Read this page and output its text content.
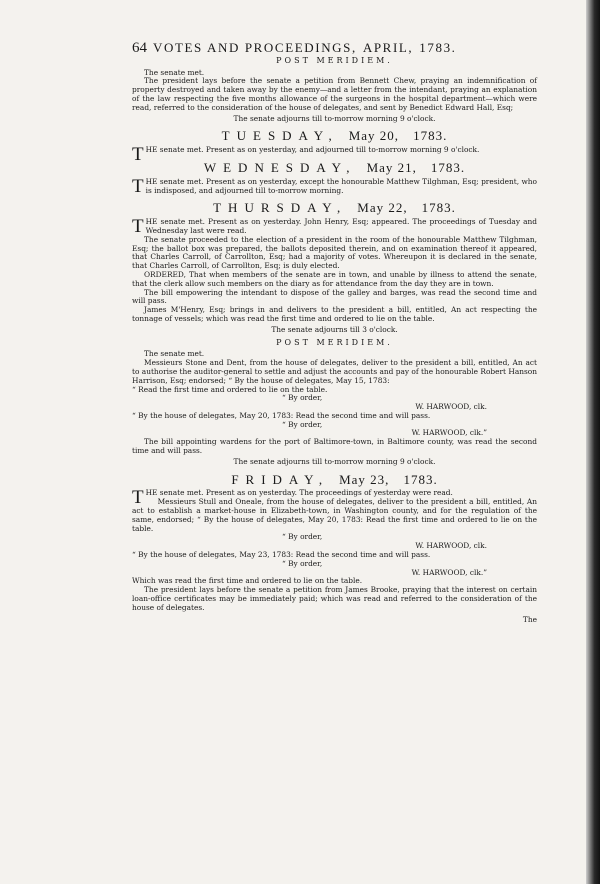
64 VOTES AND PROCEEDINGS, APRIL, 1783.
POST MERIDIEM.

The senate met.

The president lays before the senate a petition from Bennett Chew, praying an indemnification of property destroyed and taken away by the enemy—and a letter from the intendant, praying an explanation of the law respecting the five months allowance of the surgeons in the hospital department—which were read, referred to the consideration of the house of delegates, and sent by Benedict Edward Hall, Esq;

The senate adjourns till to-morrow morning 9 o'clock.
TUESDAY, May 20, 1783.

THE senate met. Present as on yesterday, and adjourned till to-morrow morning 9 o'clock.

WEDNESDAY, May 21, 1783.

THE senate met. Present as on yesterday, except the honourable Matthew Tilghman, Esq; president, who is indisposed, and adjourned till to-morrow morning.

THURSDAY, May 22, 1783.

THE senate met. Present as on yesterday. John Henry, Esq; appeared. The proceedings of Tuesday and Wednesday last were read.

The senate proceeded to the election of a president in the room of the honourable Matthew Tilghman, Esq; the ballot box was prepared, the ballots deposited therein, and on examination thereof it appeared, that Charles Carroll, of Carrollton, Esq; had a majority of votes. Whereupon it is declared in the senate, that Charles Carroll, of Carrollton, Esq; is duly elected.

ORDERED, That when members of the senate are in town, and unable by illness to attend the senate, that the clerk allow such members on the diary as for attendance from the day they are in town.

The bill empowering the intendant to dispose of the galley and barges, was read the second time and will pass.

James M'Henry, Esq; brings in and delivers to the president a bill, entitled, An act respecting the tonnage of vessels; which was read the first time and ordered to lie on the table.

The senate adjourns till 3 o'clock.
POST MERIDIEM.

The senate met.

Messieurs Stone and Dent, from the house of delegates, deliver to the president a bill, entitled, An act to authorise the auditor-general to settle and adjust the accounts and pay of the honourable Robert Hanson Harrison, Esq; endorsed; “ By the house of delegates, May 15, 1783:

“ Read the first time and ordered to lie on the table.

“ By order,
W. HARWOOD, clk.

“ By the house of delegates, May 20, 1783: Read the second time and will pass.

“ By order,
W. HARWOOD, clk.”

The bill appointing wardens for the port of Baltimore-town, in Baltimore county, was read the second time and will pass.

The senate adjourns till to-morrow morning 9 o'clock.
FRIDAY, May 23, 1783.

THE senate met. Present as on yesterday. The proceedings of yesterday were read.

Messieurs Stull and Oneale, from the house of delegates, deliver to the president a bill, entitled, An act to establish a market-house in Elizabeth-town, in Washington county, and for the regulation of the same, endorsed; “ By the house of delegates, May 20, 1783: Read the first time and ordered to lie on the table.

“ By order,
W. HARWOOD, clk.

“ By the house of delegates, May 23, 1783: Read the second time and will pass.

“ By order,
W. HARWOOD, clk.”

Which was read the first time and ordered to lie on the table.

The president lays before the senate a petition from James Brooke, praying that the interest on certain loan-office certificates may be immediately paid; which was read and referred to the consideration of the house of delegates.

The
